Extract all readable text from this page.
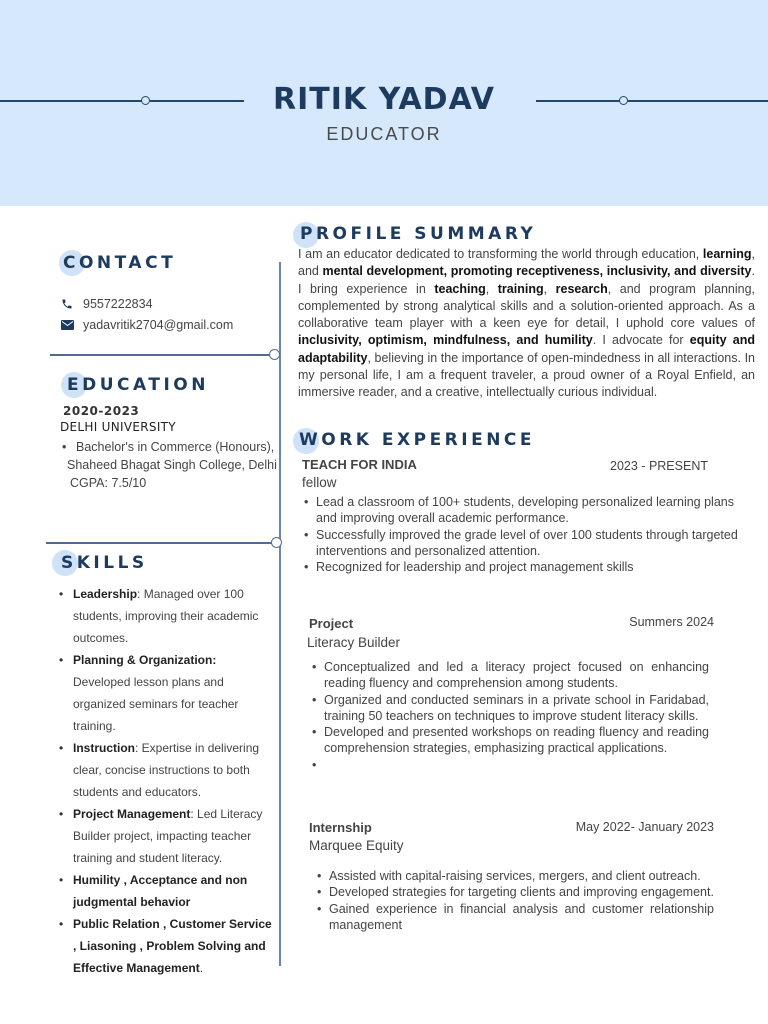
RITIK YADAV
EDUCATOR
CONTACT
9557222834
yadavritik2704@gmail.com
EDUCATION
2020-2023
DELHI UNIVERSITY
• Bachelor's in Commerce (Honours),
Shaheed Bhagat Singh College, Delhi
CGPA: 7.5/10
SKILLS
• Leadership: Managed over 100 students, improving their academic outcomes.
• Planning & Organization: Developed lesson plans and organized seminars for teacher training.
• Instruction: Expertise in delivering clear, concise instructions to both students and educators.
• Project Management: Led Literacy Builder project, impacting teacher training and student literacy.
• Humility , Acceptance and non judgmental behavior
• Public Relation , Customer Service , Liasoning , Problem Solving and Effective Management.
PROFILE SUMMARY
I am an educator dedicated to transforming the world through education, learning, and mental development, promoting receptiveness, inclusivity, and diversity. I bring experience in teaching, training, research, and program planning, complemented by strong analytical skills and a solution-oriented approach. As a collaborative team player with a keen eye for detail, I uphold core values of inclusivity, optimism, mindfulness, and humility. I advocate for equity and adaptability, believing in the importance of open-mindedness in all interactions. In my personal life, I am a frequent traveler, a proud owner of a Royal Enfield, an immersive reader, and a creative, intellectually curious individual.
WORK EXPERIENCE
TEACH FOR INDIA	2023 - PRESENT
fellow
• Lead a classroom of 100+ students, developing personalized learning plans and improving overall academic performance.
• Successfully improved the grade level of over 100 students through targeted interventions and personalized attention.
• Recognized for leadership and project management skills
Project	Summers 2024
Literacy Builder
• Conceptualized and led a literacy project focused on enhancing reading fluency and comprehension among students.
• Organized and conducted seminars in a private school in Faridabad, training 50 teachers on techniques to improve student literacy skills.
• Developed and presented workshops on reading fluency and reading comprehension strategies, emphasizing practical applications.
•
Internship	May 2022- January 2023
Marquee Equity
• Assisted with capital-raising services, mergers, and client outreach.
• Developed strategies for targeting clients and improving engagement.
• Gained experience in financial analysis and customer relationship management
